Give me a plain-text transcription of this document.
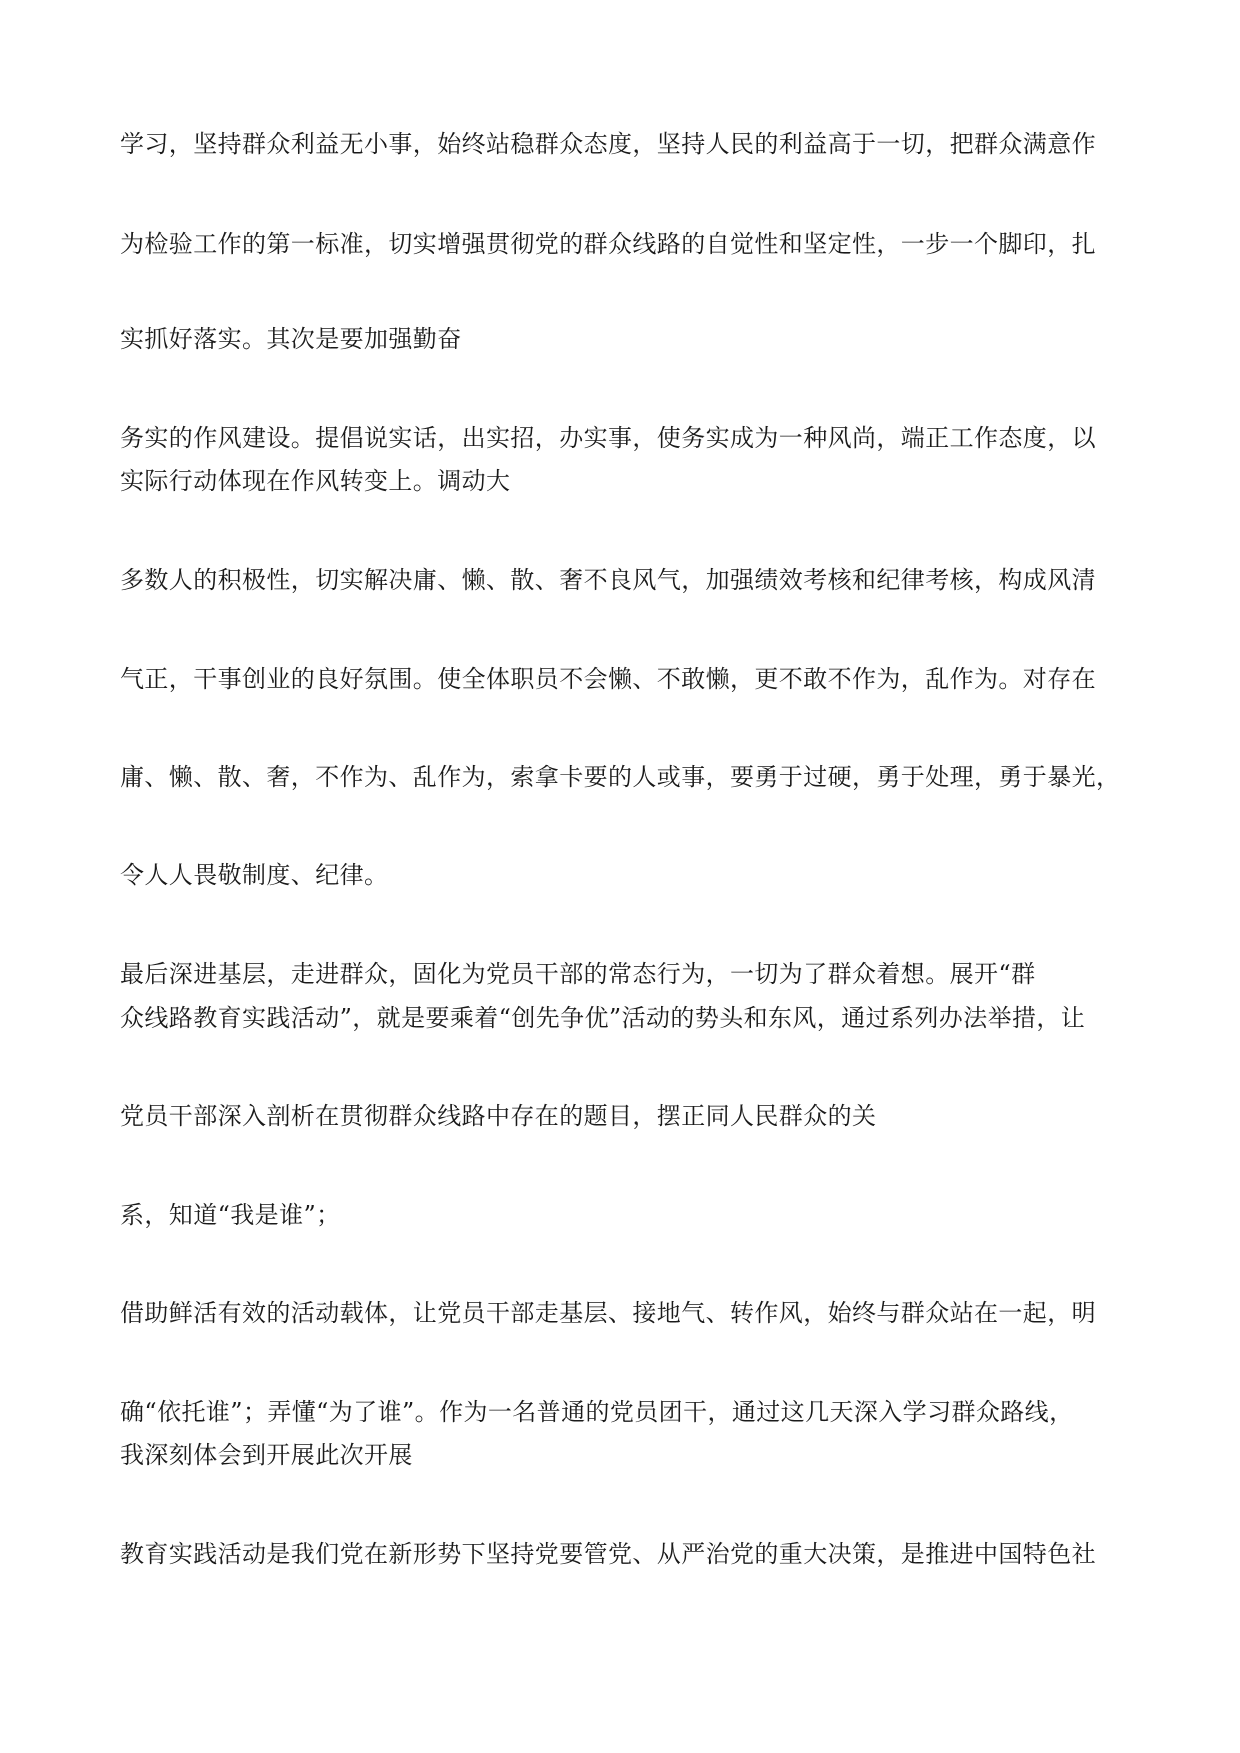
学习，坚持群众利益无小事，始终站稳群众态度，坚持人民的利益高于一切，把群众满意作
为检验工作的第一标准，切实增强贯彻党的群众线路的自觉性和坚定性，一步一个脚印，扎
实抓好落实。其次是要加强勤奋
务实的作风建设。提倡说实话，出实招，办实事，使务实成为一种风尚，端正工作态度，以
实际行动体现在作风转变上。调动大
多数人的积极性，切实解决庸、懒、散、奢不良风气，加强绩效考核和纪律考核，构成风清
气正，干事创业的良好氛围。使全体职员不会懒、不敢懒，更不敢不作为，乱作为。对存在
庸、懒、散、奢，不作为、乱作为，索拿卡要的人或事，要勇于过硬，勇于处理，勇于暴光，
令人人畏敬制度、纪律。
最后深进基层，走进群众，固化为党员干部的常态行为，一切为了群众着想。展开“群
众线路教育实践活动”，就是要乘着“创先争优”活动的势头和东风，通过系列办法举措，让
党员干部深入剖析在贯彻群众线路中存在的题目，摆正同人民群众的关
系，知道“我是谁”；
借助鲜活有效的活动载体，让党员干部走基层、接地气、转作风，始终与群众站在一起，明
确“依托谁”；弄懂“为了谁”。作为一名普通的党员团干，通过这几天深入学习群众路线，
我深刻体会到开展此次开展
教育实践活动是我们党在新形势下坚持党要管党、从严治党的重大决策，是推进中国特色社
